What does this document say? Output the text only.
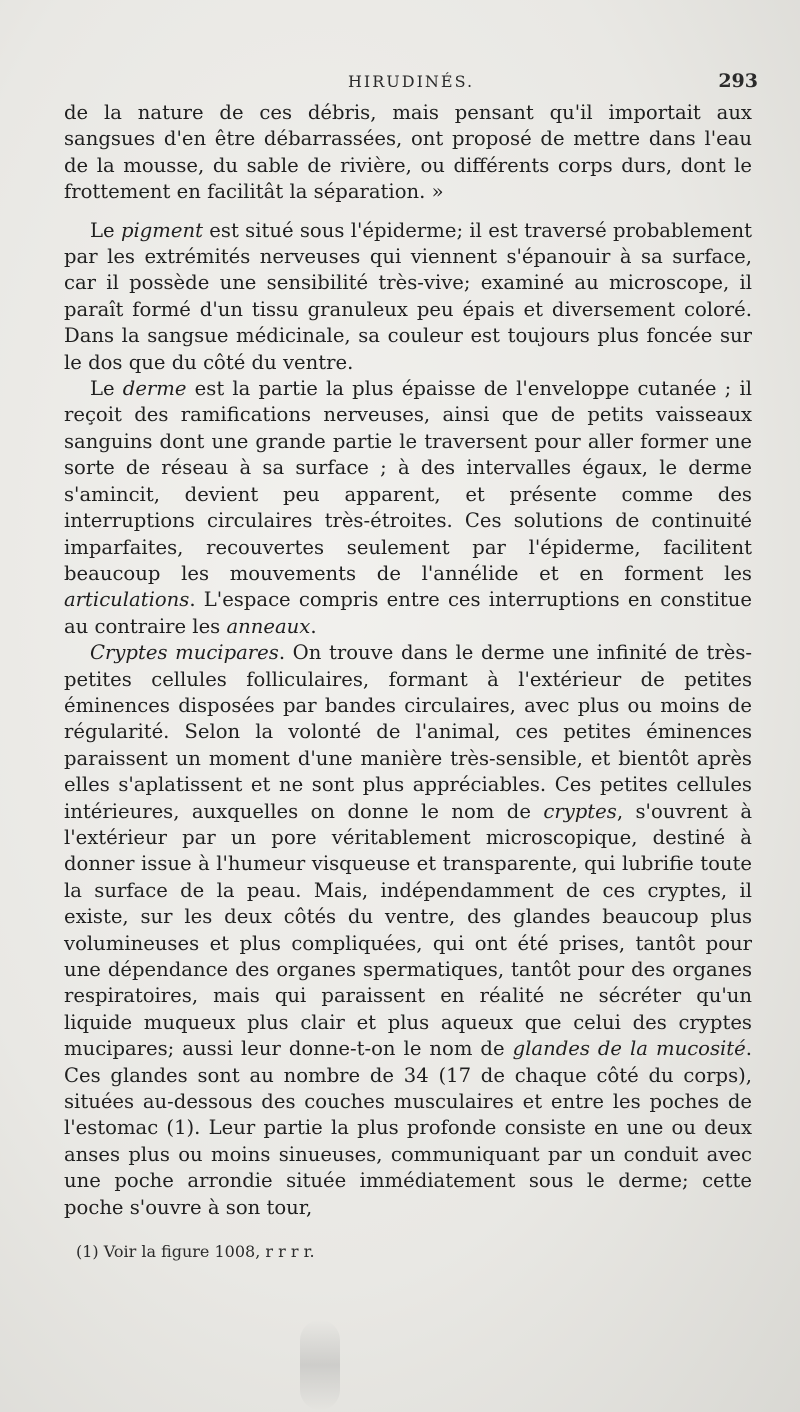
HIRUDINÉS.	293

de la nature de ces débris, mais pensant qu'il importait aux sangsues d'en être débarrassées, ont proposé de mettre dans l'eau de la mousse, du sable de rivière, ou différents corps durs, dont le frottement en facilitât la séparation. »

Le pigment est situé sous l'épiderme; il est traversé probablement par les extrémités nerveuses qui viennent s'épanouir à sa surface, car il possède une sensibilité très-vive; examiné au microscope, il paraît formé d'un tissu granuleux peu épais et diversement coloré. Dans la sangsue médicinale, sa couleur est toujours plus foncée sur le dos que du côté du ventre.

Le derme est la partie la plus épaisse de l'enveloppe cutanée ; il reçoit des ramifications nerveuses, ainsi que de petits vaisseaux sanguins dont une grande partie le traversent pour aller former une sorte de réseau à sa surface ; à des intervalles égaux, le derme s'amincit, devient peu apparent, et présente comme des interruptions circulaires très-étroites. Ces solutions de continuité imparfaites, recouvertes seulement par l'épiderme, facilitent beaucoup les mouvements de l'annélide et en forment les articulations. L'espace compris entre ces interruptions en constitue au contraire les anneaux.

Cryptes mucipares. On trouve dans le derme une infinité de très-petites cellules folliculaires, formant à l'extérieur de petites éminences disposées par bandes circulaires, avec plus ou moins de régularité. Selon la volonté de l'animal, ces petites éminences paraissent un moment d'une manière très-sensible, et bientôt après elles s'aplatissent et ne sont plus appréciables. Ces petites cellules intérieures, auxquelles on donne le nom de cryptes, s'ouvrent à l'extérieur par un pore véritablement microscopique, destiné à donner issue à l'humeur visqueuse et transparente, qui lubrifie toute la surface de la peau. Mais, indépendamment de ces cryptes, il existe, sur les deux côtés du ventre, des glandes beaucoup plus volumineuses et plus compliquées, qui ont été prises, tantôt pour une dépendance des organes spermatiques, tantôt pour des organes respiratoires, mais qui paraissent en réalité ne sécréter qu'un liquide muqueux plus clair et plus aqueux que celui des cryptes mucipares; aussi leur donne-t-on le nom de glandes de la mucosité. Ces glandes sont au nombre de 34 (17 de chaque côté du corps), situées au-dessous des couches musculaires et entre les poches de l'estomac (1). Leur partie la plus profonde consiste en une ou deux anses plus ou moins sinueuses, communiquant par un conduit avec une poche arrondie située immédiatement sous le derme; cette poche s'ouvre à son tour,

(1) Voir la figure 1008, r r r r.
